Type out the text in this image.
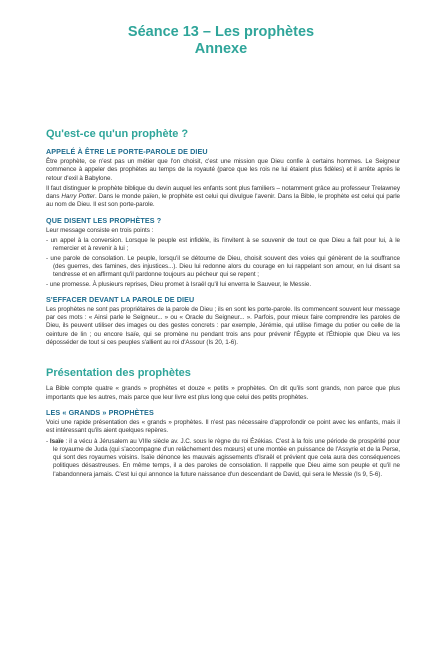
Séance 13 – Les prophètes
Annexe
Qu'est-ce qu'un prophète ?
APPELÉ À ÊTRE LE PORTE-PAROLE DE DIEU

Être prophète, ce n'est pas un métier que l'on choisit, c'est une mission que Dieu confie à certains hommes. Le Seigneur commence à appeler des prophètes au temps de la royauté (parce que les rois ne lui étaient plus fidèles) et il arrête après le retour d'exil à Babylone.

Il faut distinguer le prophète biblique du devin auquel les enfants sont plus familiers – notamment grâce au professeur Trelawney dans Harry Potter. Dans le monde païen, le prophète est celui qui divulgue l'avenir. Dans la Bible, le prophète est celui qui parle au nom de Dieu. Il est son porte-parole.

QUE DISENT LES PROPHÈTES ?

Leur message consiste en trois points :

- un appel à la conversion. Lorsque le peuple est infidèle, ils l'invitent à se souvenir de tout ce que Dieu a fait pour lui, à le remercier et à revenir à lui ;
- une parole de consolation. Le peuple, lorsqu'il se détourne de Dieu, choisit souvent des voies qui génèrent de la souffrance (des guerres, des famines, des injustices...). Dieu lui redonne alors du courage en lui rappelant son amour, en lui disant sa tendresse et en affirmant qu'il pardonne toujours au pécheur qui se repent ;
- une promesse. À plusieurs reprises, Dieu promet à Israël qu'il lui enverra le Sauveur, le Messie.
S'EFFACER DEVANT LA PAROLE DE DIEU

Les prophètes ne sont pas propriétaires de la parole de Dieu ; ils en sont les porte-parole. Ils commencent souvent leur message par ces mots : « Ainsi parle le Seigneur... » ou « Oracle du Seigneur... ». Parfois, pour mieux faire comprendre les paroles de Dieu, ils peuvent utiliser des images ou des gestes concrets : par exemple, Jérémie, qui utilise l'image du potier ou celle de la ceinture de lin ; ou encore Isaïe, qui se promène nu pendant trois ans pour prévenir l'Égypte et l'Éthiopie que Dieu va les déposséder de tout si ces peuples s'allient au roi d'Assour (Is 20, 1-6).

Présentation des prophètes

La Bible compte quatre « grands » prophètes et douze « petits » prophètes. On dit qu'ils sont grands, non parce que plus importants que les autres, mais parce que leur livre est plus long que celui des petits prophètes.

LES « GRANDS » PROPHÈTES

Voici une rapide présentation des « grands » prophètes. Il n'est pas nécessaire d'approfondir ce point avec les enfants, mais il est intéressant qu'ils aient quelques repères.

- Isaïe : il a vécu à Jérusalem au VIIIe siècle av. J.C. sous le règne du roi Ézékias. C'est à la fois une période de prospérité pour le royaume de Juda (qui s'accompagne d'un relâchement des mœurs) et une montée en puissance de l'Assyrie et de la Perse, qui sont des royaumes voisins. Isaïe dénonce les mauvais agissements d'Israël et prévient que cela aura des conséquences politiques désastreuses. En même temps, il a des paroles de consolation. Il rappelle que Dieu aime son peuple et qu'il ne l'abandonnera jamais. C'est lui qui annonce la future naissance d'un descendant de David, qui sera le Messie (Is 9, 5-6).
